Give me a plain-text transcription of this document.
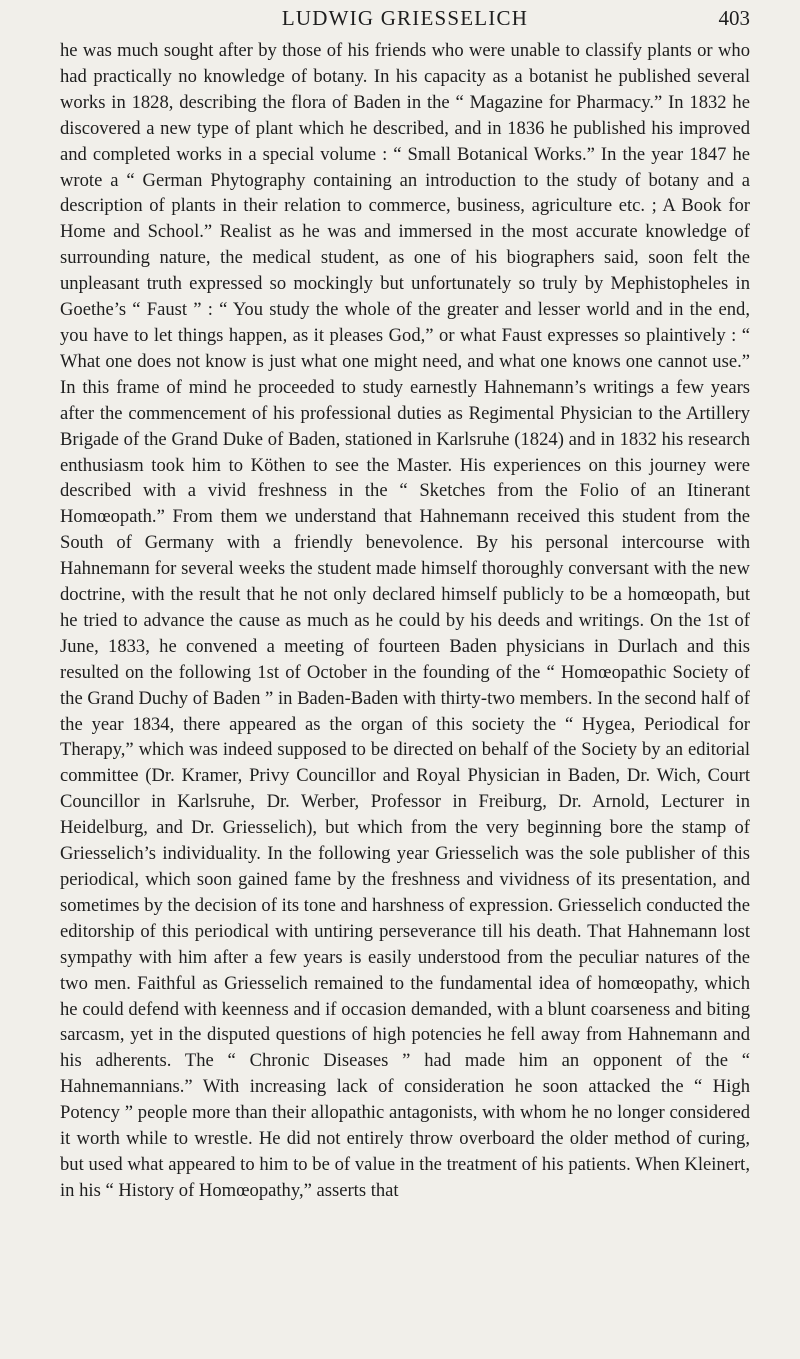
LUDWIG GRIESSELICH	403

he was much sought after by those of his friends who were unable to classify plants or who had practically no knowledge of botany. In his capacity as a botanist he published several works in 1828, describing the flora of Baden in the “ Magazine for Pharmacy.” In 1832 he discovered a new type of plant which he described, and in 1836 he published his improved and completed works in a special volume : “ Small Botanical Works.” In the year 1847 he wrote a “ German Phytography containing an introduction to the study of botany and a description of plants in their relation to commerce, business, agriculture etc. ; A Book for Home and School.” Realist as he was and immersed in the most accurate knowledge of surrounding nature, the medical student, as one of his biographers said, soon felt the unpleasant truth expressed so mockingly but unfortunately so truly by Mephistopheles in Goethe’s “ Faust ” : “ You study the whole of the greater and lesser world and in the end, you have to let things happen, as it pleases God,” or what Faust expresses so plaintively : “ What one does not know is just what one might need, and what one knows one cannot use.” In this frame of mind he proceeded to study earnestly Hahnemann’s writings a few years after the commencement of his professional duties as Regimental Physician to the Artillery Brigade of the Grand Duke of Baden, stationed in Karlsruhe (1824) and in 1832 his research enthusiasm took him to Köthen to see the Master. His experiences on this journey were described with a vivid freshness in the “ Sketches from the Folio of an Itinerant Homœopath.” From them we understand that Hahnemann received this student from the South of Germany with a friendly benevolence. By his personal intercourse with Hahnemann for several weeks the student made himself thoroughly conversant with the new doctrine, with the result that he not only declared himself publicly to be a homœopath, but he tried to advance the cause as much as he could by his deeds and writings. On the 1st of June, 1833, he convened a meeting of fourteen Baden physicians in Durlach and this resulted on the following 1st of October in the founding of the “ Homœopathic Society of the Grand Duchy of Baden ” in Baden-Baden with thirty-two members. In the second half of the year 1834, there appeared as the organ of this society the “ Hygea, Periodical for Therapy,” which was indeed supposed to be directed on behalf of the Society by an editorial committee (Dr. Kramer, Privy Councillor and Royal Physician in Baden, Dr. Wich, Court Councillor in Karlsruhe, Dr. Werber, Professor in Freiburg, Dr. Arnold, Lecturer in Heidelburg, and Dr. Griesselich), but which from the very beginning bore the stamp of Griesselich’s individuality. In the following year Griesselich was the sole publisher of this periodical, which soon gained fame by the freshness and vividness of its presentation, and sometimes by the decision of its tone and harshness of expression. Griesselich conducted the editorship of this periodical with untiring perseverance till his death. That Hahnemann lost sympathy with him after a few years is easily understood from the peculiar natures of the two men. Faithful as Griesselich remained to the fundamental idea of homœopathy, which he could defend with keenness and if occasion demanded, with a blunt coarseness and biting sarcasm, yet in the disputed questions of high potencies he fell away from Hahnemann and his adherents. The “ Chronic Diseases ” had made him an opponent of the “ Hahnemannians.” With increasing lack of consideration he soon attacked the “ High Potency ” people more than their allopathic antagonists, with whom he no longer considered it worth while to wrestle. He did not entirely throw overboard the older method of curing, but used what appeared to him to be of value in the treatment of his patients. When Kleinert, in his “ History of Homœopathy,” asserts that
